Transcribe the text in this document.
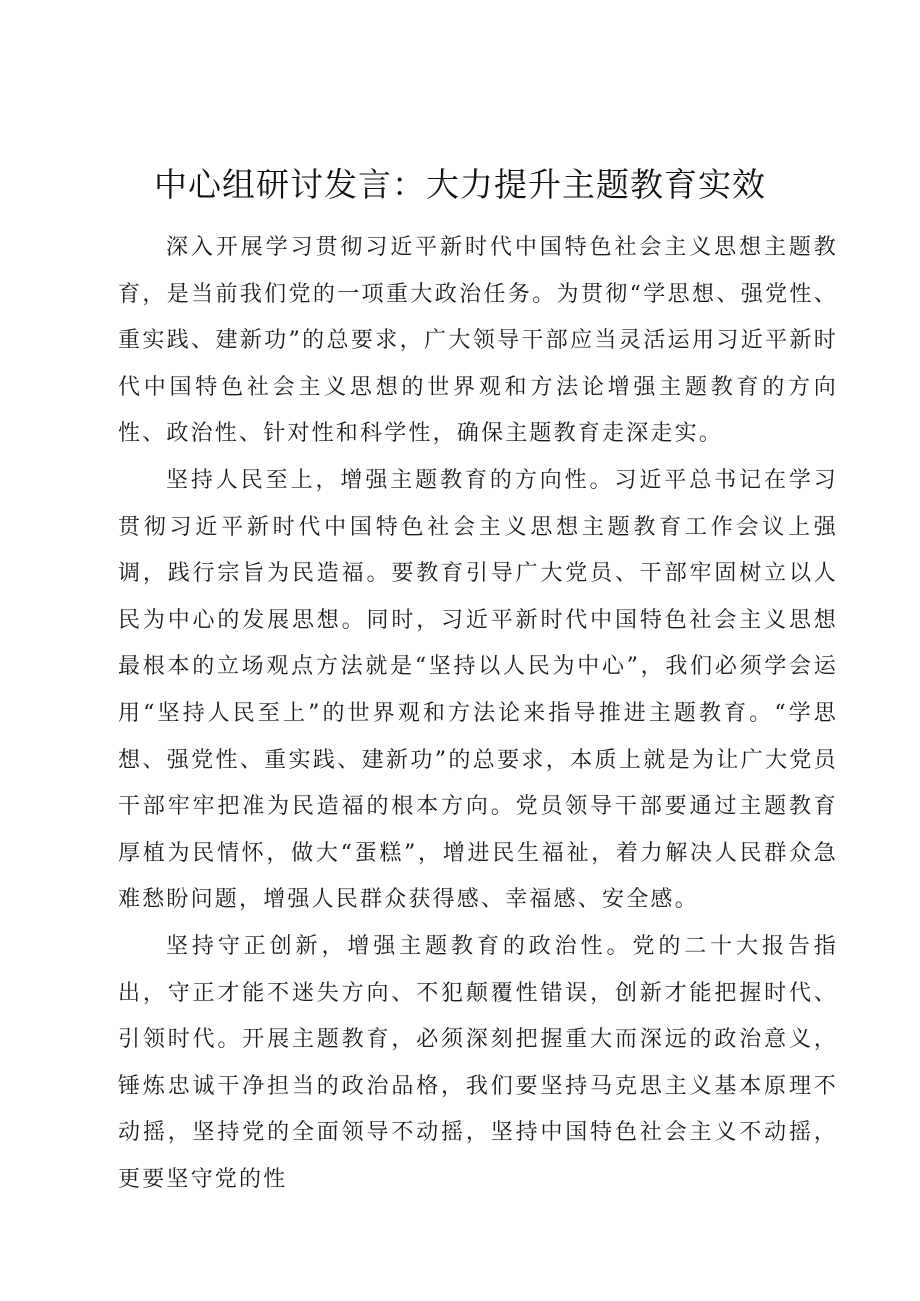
中心组研讨发言：大力提升主题教育实效

深入开展学习贯彻习近平新时代中国特色社会主义思想主题教育，是当前我们党的一项重大政治任务。为贯彻“学思想、强党性、重实践、建新功”的总要求，广大领导干部应当灵活运用习近平新时代中国特色社会主义思想的世界观和方法论增强主题教育的方向性、政治性、针对性和科学性，确保主题教育走深走实。

坚持人民至上，增强主题教育的方向性。习近平总书记在学习贯彻习近平新时代中国特色社会主义思想主题教育工作会议上强调，践行宗旨为民造福。要教育引导广大党员、干部牢固树立以人民为中心的发展思想。同时，习近平新时代中国特色社会主义思想最根本的立场观点方法就是“坚持以人民为中心”，我们必须学会运用“坚持人民至上”的世界观和方法论来指导推进主题教育。“学思想、强党性、重实践、建新功”的总要求，本质上就是为让广大党员干部牢牢把准为民造福的根本方向。党员领导干部要通过主题教育厚植为民情怀，做大“蛋糕”，增进民生福祉，着力解决人民群众急难愁盼问题，增强人民群众获得感、幸福感、安全感。

坚持守正创新，增强主题教育的政治性。党的二十大报告指出，守正才能不迷失方向、不犯颠覆性错误，创新才能把握时代、引领时代。开展主题教育，必须深刻把握重大而深远的政治意义，锤炼忠诚干净担当的政治品格，我们要坚持马克思主义基本原理不动摇，坚持党的全面领导不动摇，坚持中国特色社会主义不动摇，更要坚守党的性
